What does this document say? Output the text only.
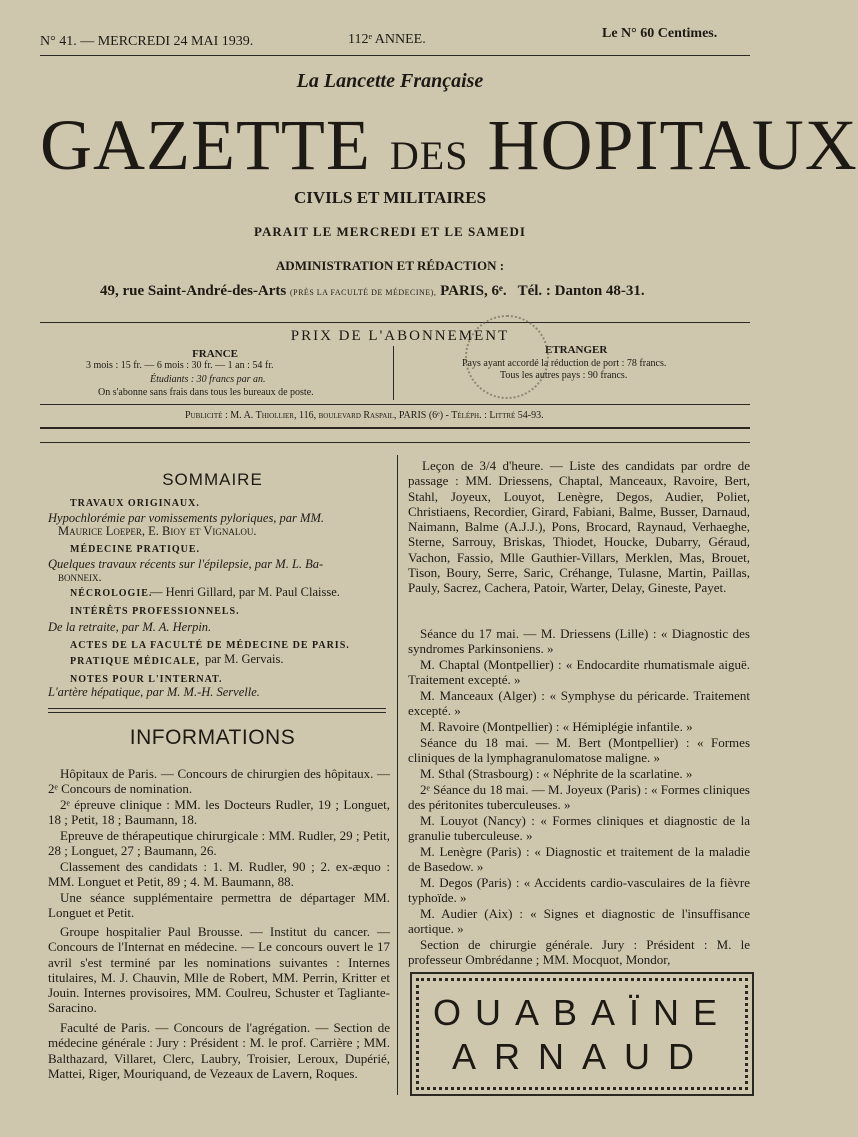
N° 41. — MERCREDI 24 MAI 1939.	112ᵉ ANNEE.	Le N° 60 Centimes.
La Lancette Française
GAZETTE DES HOPITAUX
CIVILS ET MILITAIRES
PARAIT LE MERCREDI ET LE SAMEDI
ADMINISTRATION ET RÉDACTION :
49, rue Saint-André-des-Arts (PRÈS LA FACULTÉ DE MÉDECINE), PARIS, 6ᵉ. Tél. : Danton 48-31.
PRIX DE L'ABONNEMENT
FRANCE
3 mois : 15 fr. — 6 mois : 30 fr. — 1 an : 54 fr.
Étudiants : 30 francs par an.
On s'abonne sans frais dans tous les bureaux de poste.
ETRANGER
Pays ayant accordé la réduction de port : 78 francs.
Tous les autres pays : 90 francs.
Publicité : M. A. Thiollier, 116, boulevard Raspail, PARIS (6ᵉ) - Téléph. : Littré 54-93.
SOMMAIRE
TRAVAUX ORIGINAUX.
Hypochlorémie par vomissements pyloriques, par MM.
Maurice Loeper, E. Bioy et Vignalou.
MÉDECINE PRATIQUE.
Quelques travaux récents sur l'épilepsie, par M. L. Ba-
bonneix.
NÉCROLOGIE.
— Henri Gillard, par M. Paul Claisse.
INTÉRÊTS PROFESSIONNELS.
De la retraite, par M. A. Herpin.
ACTES DE LA FACULTÉ DE MÉDECINE DE PARIS.
PRATIQUE MÉDICALE, par M. Gervais.
NOTES POUR L'INTERNAT.
L'artère hépatique, par M. M.-H. Servelle.
INFORMATIONS
Hôpitaux de Paris. — Concours de chirurgien des hôpitaux. — 2ᵉ Concours de nomination.
2ᵉ épreuve clinique : MM. les Docteurs Rudler, 19 ; Longuet, 18 ; Petit, 18 ; Baumann, 18.
Epreuve de thérapeutique chirurgicale : MM. Rudler, 29 ; Petit, 28 ; Longuet, 27 ; Baumann, 26.
Classement des candidats : 1. M. Rudler, 90 ; 2. ex-æquo : MM. Longuet et Petit, 89 ; 4. M. Baumann, 88.
Une séance supplémentaire permettra de départager MM. Longuet et Petit.
Groupe hospitalier Paul Brousse. — Institut du cancer. — Concours de l'Internat en médecine. — Le concours ouvert le 17 avril s'est terminé par les nominations suivantes : Internes titulaires, M. J. Chauvin, Mlle de Robert, MM. Perrin, Kritter et Jouin. Internes provisoires, MM. Coulreu, Schuster et Tagliante-Saracino.
Faculté de Paris. — Concours de l'agrégation. — Section de médecine générale : Jury : Président : M. le prof. Carrière ; MM. Balthazard, Villaret, Clerc, Laubry, Troisier, Leroux, Dupérié, Mattei, Riger, Mouriquand, de Vezeaux de Lavern, Roques.
Leçon de 3/4 d'heure. — Liste des candidats par ordre de passage : MM. Driessens, Chaptal, Manceaux, Ravoire, Bert, Stahl, Joyeux, Louyot, Lenègre, Degos, Audier, Poliet, Christiaens, Recordier, Girard, Fabiani, Balme, Busser, Darnaud, Naimann, Balme (A.J.J.), Pons, Brocard, Raynaud, Verhaeghe, Sterne, Sarrouy, Briskas, Thiodet, Houcke, Dubarry, Géraud, Vachon, Fassio, Mlle Gauthier-Villars, Merklen, Mas, Brouet, Tison, Boury, Serre, Saric, Créhange, Tulasne, Martin, Paillas, Pauly, Sacrez, Cachera, Patoir, Warter, Delay, Gineste, Payet.
Séance du 17 mai. — M. Driessens (Lille) : « Diagnostic des syndromes Parkinsoniens. »
M. Chaptal (Montpellier) : « Endocardite rhumatismale aiguë. Traitement excepté. »
M. Manceaux (Alger) : « Symphyse du péricarde. Traitement excepté. »
M. Ravoire (Montpellier) : « Hémiplégie infantile. »
Séance du 18 mai. — M. Bert (Montpellier) : « Formes cliniques de la lymphagranulomatose maligne. »
M. Sthal (Strasbourg) : « Néphrite de la scarlatine. »
2ᵉ Séance du 18 mai. — M. Joyeux (Paris) : « Formes cliniques des péritonites tuberculeuses. »
M. Louyot (Nancy) : « Formes cliniques et diagnostic de la granulie tuberculeuse. »
M. Lenègre (Paris) : « Diagnostic et traitement de la maladie de Basedow. »
M. Degos (Paris) : « Accidents cardio-vasculaires de la fièvre typhoïde. »
M. Audier (Aix) : « Signes et diagnostic de l'insuffisance aortique. »
Section de chirurgie générale. Jury : Président : M. le professeur Ombrédanne ; MM. Mocquot, Mondor,
OUABAÏNE
ARNAUD
